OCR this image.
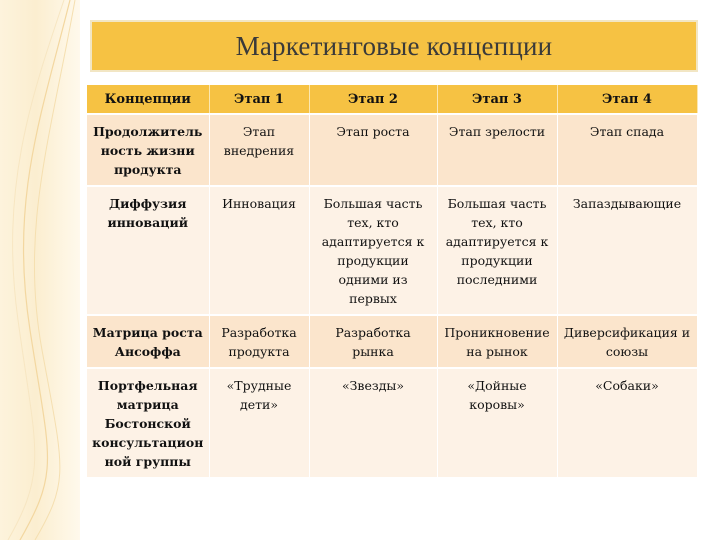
Маркетинговые концепции
Концепции	Этап 1	Этап 2	Этап 3	Этап 4
Продолжитель ность жизни продукта	Этап внедрения	Этап роста	Этап зрелости	Этап спада
Диффузия инноваций	Инновация	Большая часть тех, кто адаптируется к продукции одними из первых	Большая часть тех, кто адаптируется к продукции последними	Запаздывающие
Матрица роста Ансоффа	Разработка продукта	Разработка рынка	Проникновение на рынок	Диверсификация и союзы
Портфельная матрица Бостонской консультацион ной группы	«Трудные дети»	«Звезды»	«Дойные коровы»	«Собаки»
